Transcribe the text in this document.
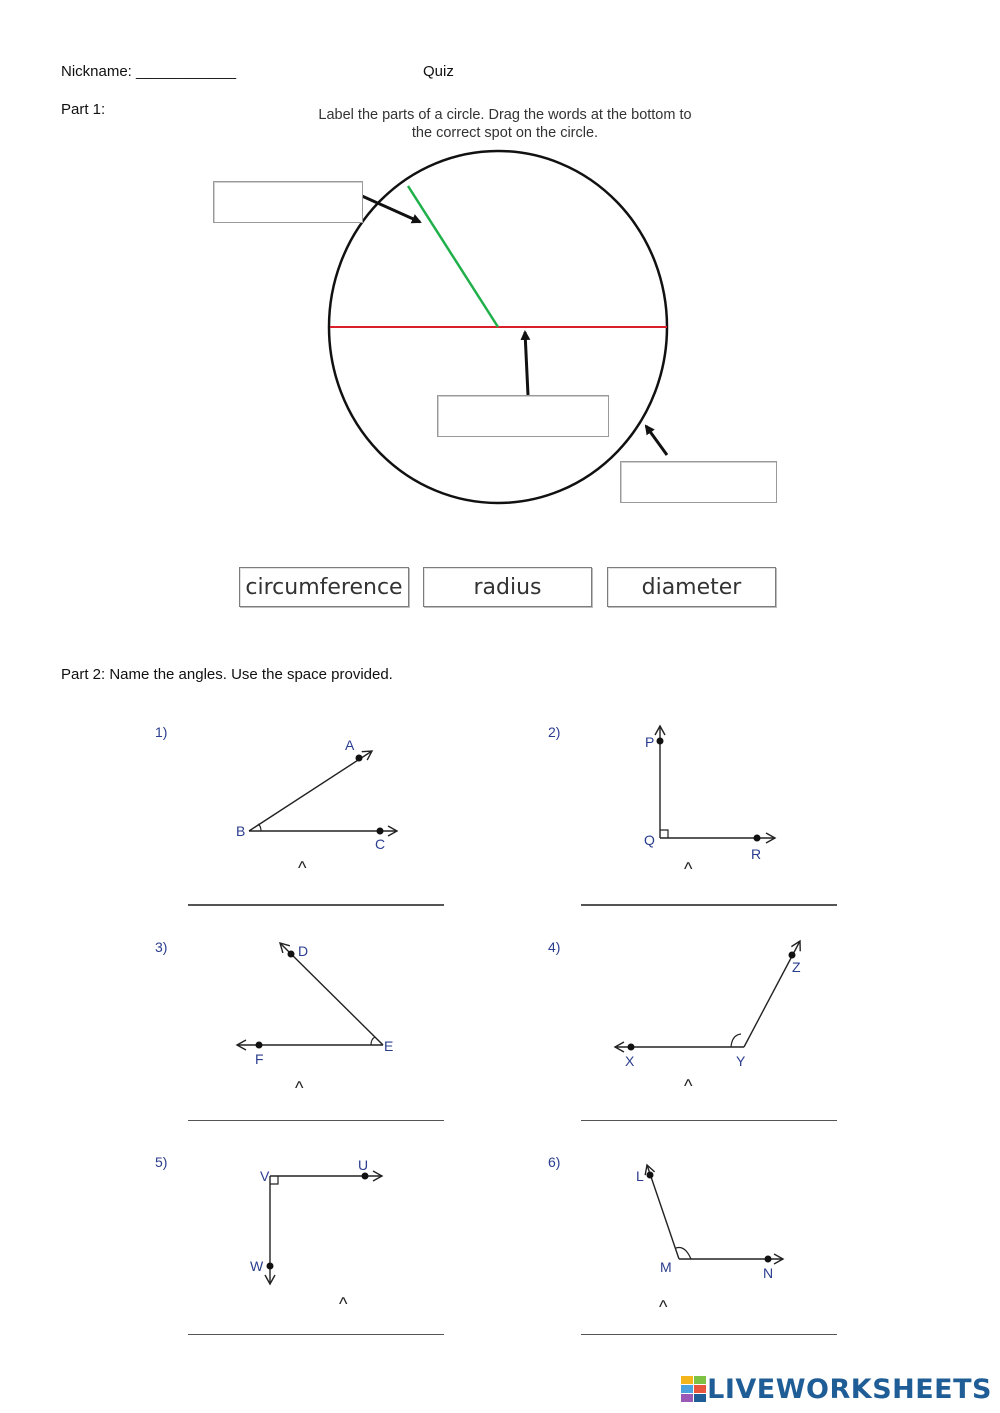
Nickname: ____________	Quiz
Part 1:	Label the parts of a circle. Drag the words at the bottom to
the correct spot on the circle.
circumference	radius	diameter
Part 2: Name the angles. Use the space provided.
1)
A
B
C
^
2)
P
Q
R
^
3)	D
E
F
^
4)
X	Y
Z
^
5)
V
U
W
^
6)
L
M	N
^
LIVEWORKSHEETS
